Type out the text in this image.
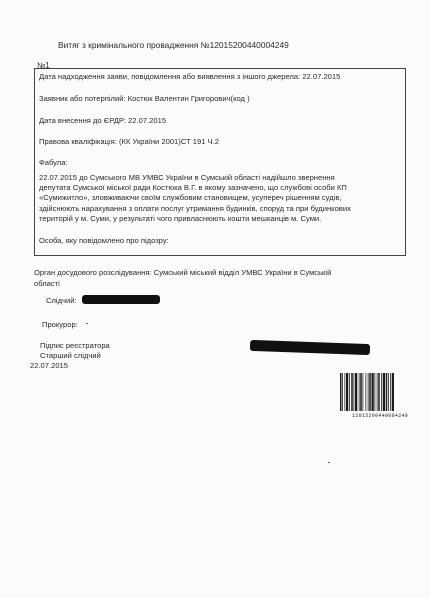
Витяг з кримінального провадження №12015200440004249
№1
Дата надходження заяви, повідомлення або виявлення з іншого джерела: 22.07.2015
Заявник або потерпілий: Костюк Валентин Григорович(код )
Дата внесення до ЄРДР: 22.07.2015
Правова кваліфікація: (КК України 2001)СТ 191 Ч.2
Фабула:
22.07.2015 до Сумського МВ УМВС України в Сумській області надійшло звернення
депутата Сумської міської ради Костюка В.Г. в якому зазначено, що службові особи КП
«Сумижитло», зловживаючи своїм службовим становищем, усупереч рішенням судів,
здійснюють нарахування з оплати послуг утримання будинків, споруд та при будинкових
територій у м. Суми, у результаті чого привласнюють кошти мешканців м. Суми.
Особа, яку повідомлено про підозру:
Орган досудового розслідування: Сумський міський відділ УМВС України в Сумській
області
Слідчий:
Прокурор:
Підпис реєстратора
Старший слідчий
22.07.2015
12015200440004249
